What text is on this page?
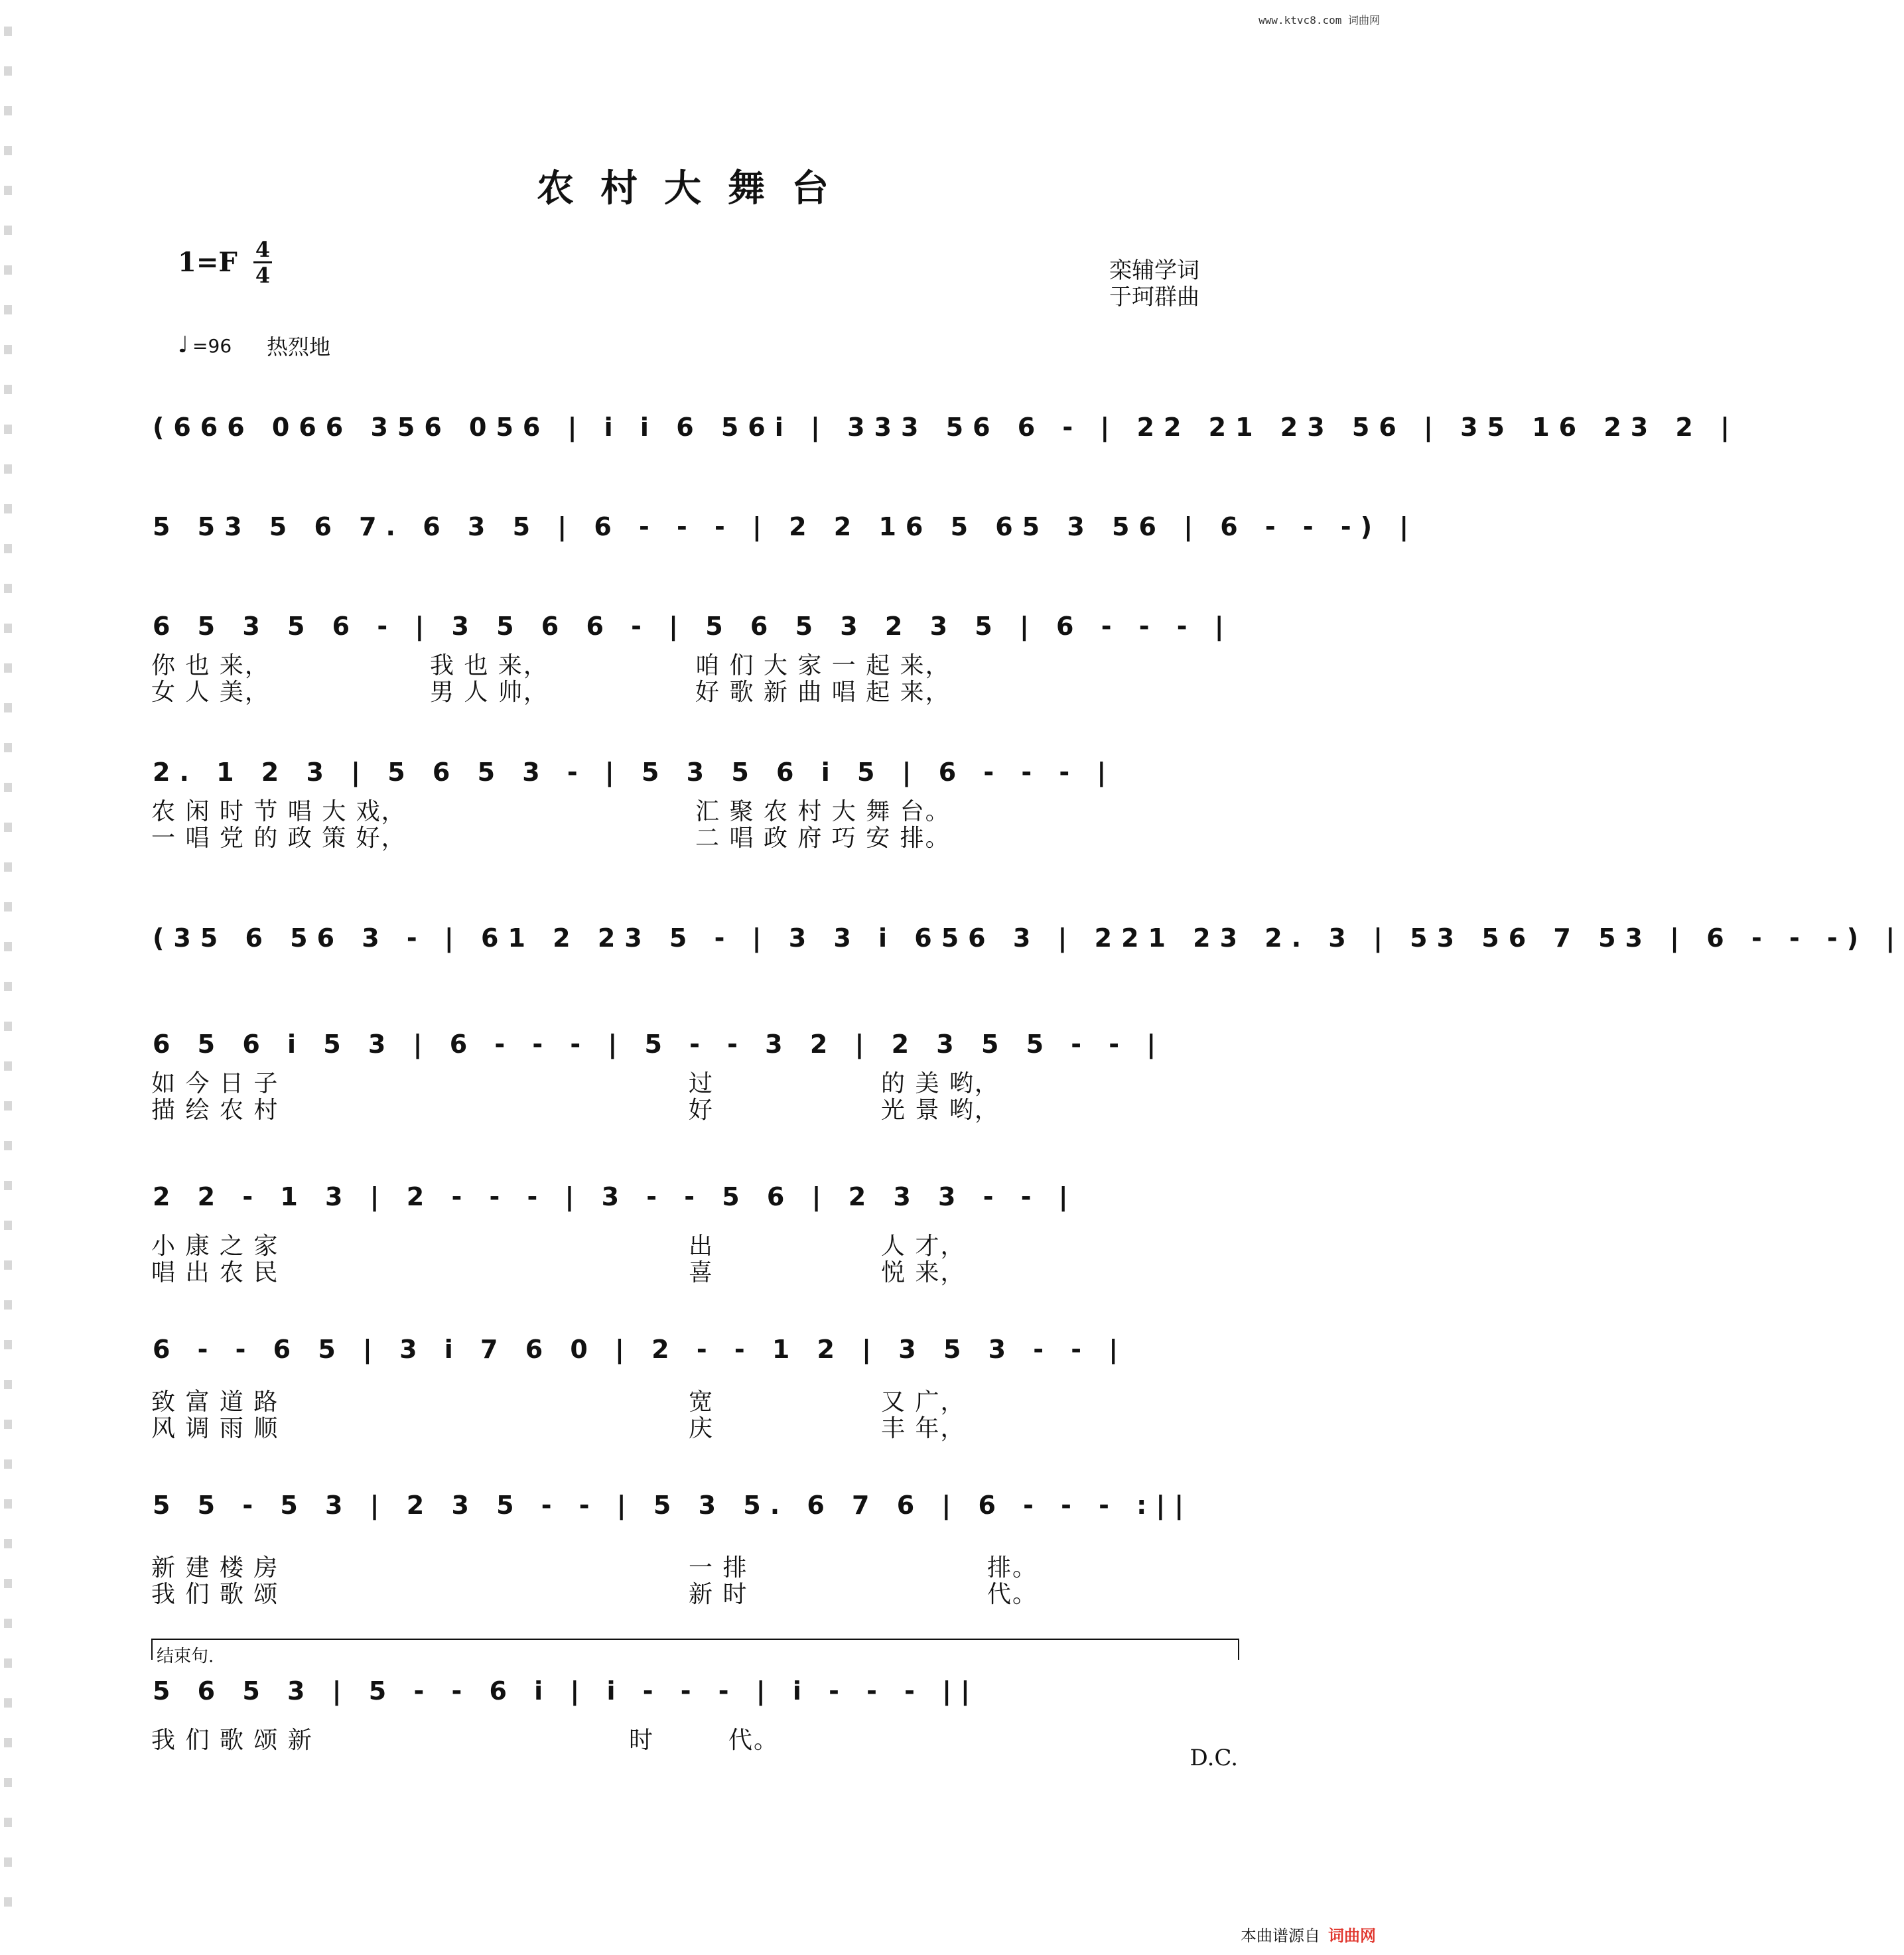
www.ktvc8.com 词曲网
农村大舞台
1=F 4
4	栾辅学词
于珂群曲
♩ =96 热烈地
(666 066 356 056 | i i 6 56i | 333 56 6 - | 22 21 23 56 | 35 16 23 2 |
5 53 5 6 7. 6 3 5 | 6 - - - | 2 2 16 5 65 3 56 | 6 - - -) |
6 5 3 5 6 - | 3 5 6 6 - | 5 6 5 3 2 3 5 | 6 - - - |
你 也 来，	我 也 来，	咱 们 大 家 一 起 来，
女 人 美，	男 人 帅，	好 歌 新 曲 唱 起 来，
2. 1 2 3 | 5 6 5 3 - | 5 3 5 6 i 5 | 6 - - - |
农 闲 时 节 唱 大 戏，	汇 聚 农 村 大 舞 台。
一 唱 党 的 政 策 好，	二 唱 政 府 巧 安 排。
(35 6 56 3 - | 61 2 23 5 - | 3 3 i 656 3 | 221 23 2. 3 | 53 56 7 53 | 6 - - -) |
6 5 6 i 5 3 | 6 - - - | 5 - - 3 2 | 2 3 5 5 - - |
如 今 日 子	过	的 美 哟，
描 绘 农 村	好	光 景 哟，
2 2 - 1 3 | 2 - - - | 3 - - 5 6 | 2 3 3 - - |
小 康 之 家	出	人 才，
唱 出 农 民	喜	悦 来，
6 - - 6 5 | 3 i 7 6 0 | 2 - - 1 2 | 3 5 3 - - |
致 富 道 路	宽	又 广，
风 调 雨 顺	庆	丰 年，
5 5 - 5 3 | 2 3 5 - - | 5 3 5. 6 7 6 | 6 - - - :||
新 建 楼 房	一 排	排。
我 们 歌 颂	新 时	代。
结束句.
5 6 5 3 | 5 - - 6 i | i - - - | i - - - ||
我 们 歌 颂 新	时	代。
D.C.
本曲谱源自 词曲网
